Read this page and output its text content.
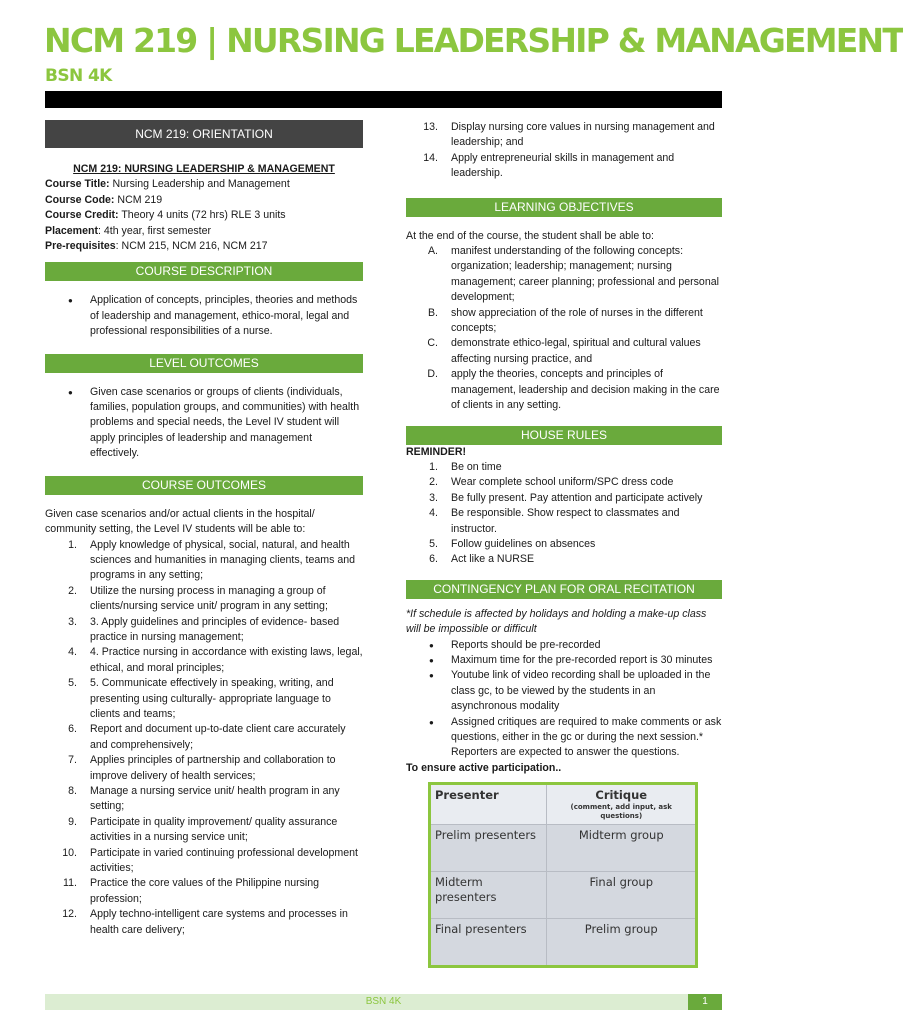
NCM 219 | NURSING LEADERSHIP & MANAGEMENT
BSN 4K
NCM 219: ORIENTATION

NCM 219: NURSING LEADERSHIP & MANAGEMENT

Course Title: Nursing Leadership and Management

Course Code: NCM 219

Course Credit: Theory 4 units (72 hrs) RLE 3 units

Placement: 4th year, first semester

Pre-requisites: NCM 215, NCM 216, NCM 217

COURSE DESCRIPTION
● Application of concepts, principles, theories and methods of leadership and management, ethico-moral, legal and professional responsibilities of a nurse.
LEVEL OUTCOMES
● Given case scenarios or groups of clients (individuals, families, population groups, and communities) with health problems and special needs, the Level IV student will apply principles of leadership and management effectively.
COURSE OUTCOMES

Given case scenarios and/or actual clients in the hospital/ community setting, the Level IV students will be able to:

1. Apply knowledge of physical, social, natural, and health sciences and humanities in managing clients, teams and programs in any setting;
2. Utilize the nursing process in managing a group of clients/nursing service unit/ program in any setting;
3. 3. Apply guidelines and principles of evidence- based practice in nursing management;
4. 4. Practice nursing in accordance with existing laws, legal, ethical, and moral principles;
5. 5. Communicate effectively in speaking, writing, and presenting using culturally- appropriate language to clients and teams;
6. Report and document up-to-date client care accurately and comprehensively;
7. Applies principles of partnership and collaboration to improve delivery of health services;
8. Manage a nursing service unit/ health program in any setting;
9. Participate in quality improvement/ quality assurance activities in a nursing service unit;
10. Participate in varied continuing professional development activities;
11. Practice the core values of the Philippine nursing profession;
12. Apply techno-intelligent care systems and processes in health care delivery;
13. Display nursing core values in nursing management and leadership; and
14. Apply entrepreneurial skills in management and leadership.
LEARNING OBJECTIVES

At the end of the course, the student shall be able to:

A. manifest understanding of the following concepts: organization; leadership; management; nursing management; career planning; professional and personal development;
B. show appreciation of the role of nurses in the different concepts;
C. demonstrate ethico-legal, spiritual and cultural values affecting nursing practice, and
D. apply the theories, concepts and principles of management, leadership and decision making in the care of clients in any setting.
HOUSE RULES

REMINDER!

1. Be on time
2. Wear complete school uniform/SPC dress code
3. Be fully present. Pay attention and participate actively
4. Be responsible. Show respect to classmates and instructor.
5. Follow guidelines on absences
6. Act like a NURSE
CONTINGENCY PLAN FOR ORAL RECITATION

*If schedule is affected by holidays and holding a make-up class will be impossible or difficult

● Reports should be pre-recorded
● Maximum time for the pre-recorded report is 30 minutes
● Youtube link of video recording shall be uploaded in the class gc, to be viewed by the students in an asynchronous modality
● Assigned critiques are required to make comments or ask questions, either in the gc or during the next session.* Reporters are expected to answer the questions.

To ensure active participation..

Presenter	Critique
(comment, add input, ask questions)

Prelim presenters	Midterm group
Midterm presenters	Final group
Final presenters	Prelim group
BSN 4K	1
